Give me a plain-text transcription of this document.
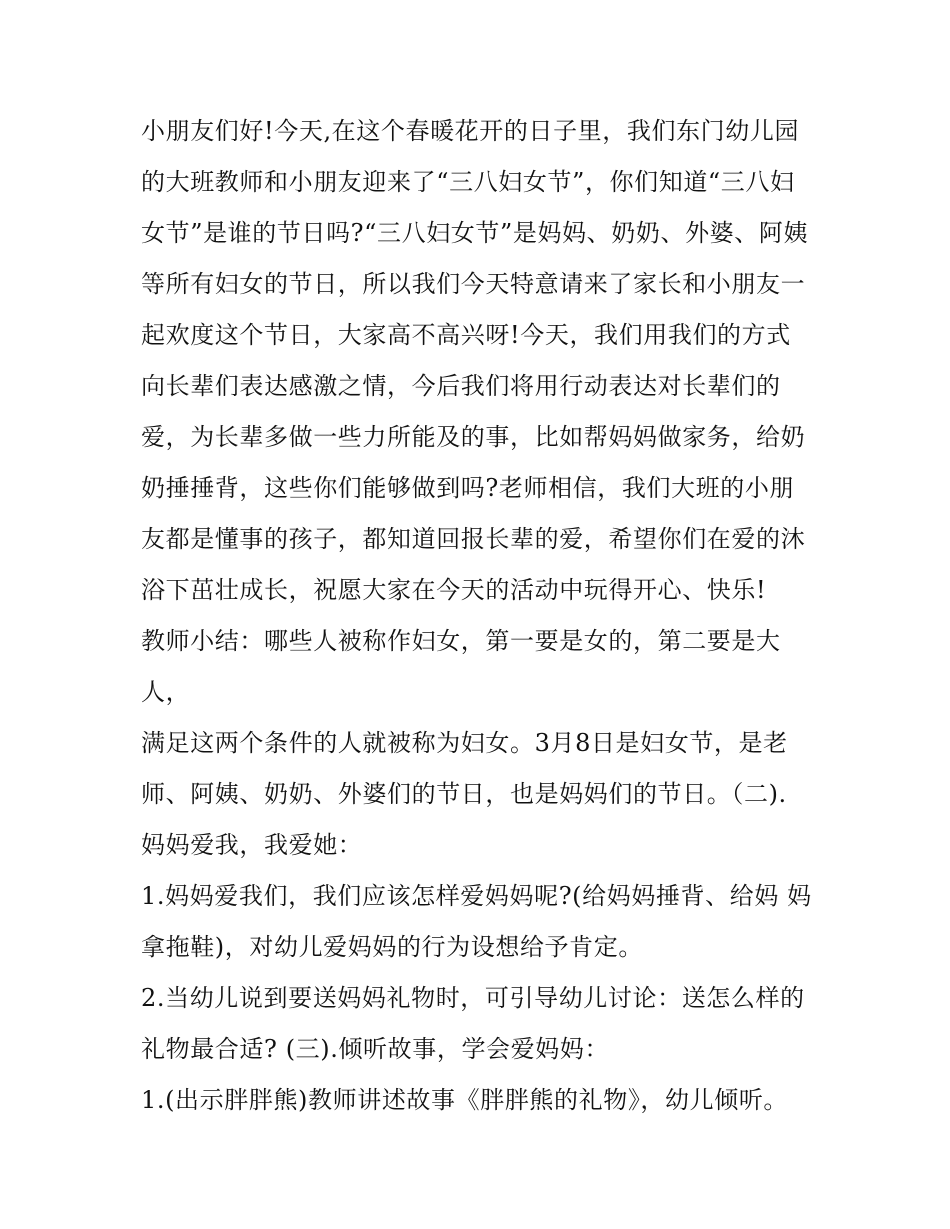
小朋友们好!今天,在这个春暖花开的日子里，我们东门幼儿园
的大班教师和小朋友迎来了“三八妇女节”，你们知道“三八妇
女节”是谁的节日吗?“三八妇女节”是妈妈、奶奶、外婆、阿姨
等所有妇女的节日，所以我们今天特意请来了家长和小朋友一
起欢度这个节日，大家高不高兴呀!今天，我们用我们的方式
向长辈们表达感激之情，今后我们将用行动表达对长辈们的
爱，为长辈多做一些力所能及的事，比如帮妈妈做家务，给奶
奶捶捶背，这些你们能够做到吗?老师相信，我们大班的小朋
友都是懂事的孩子，都知道回报长辈的爱，希望你们在爱的沐
浴下茁壮成长，祝愿大家在今天的活动中玩得开心、快乐!
教师小结：哪些人被称作妇女，第一要是女的，第二要是大
人，
满足这两个条件的人就被称为妇女。3月8日是妇女节，是老
师、阿姨、奶奶、外婆们的节日，也是妈妈们的节日。（二).
妈妈爱我，我爱她：
1.妈妈爱我们，我们应该怎样爱妈妈呢?(给妈妈捶背、给妈 妈
拿拖鞋)，对幼儿爱妈妈的行为设想给予肯定。
2.当幼儿说到要送妈妈礼物时，可引导幼儿讨论：送怎么样的
礼物最合适? (三).倾听故事，学会爱妈妈：
1.(出示胖胖熊)教师讲述故事《胖胖熊的礼物》，幼儿倾听。
